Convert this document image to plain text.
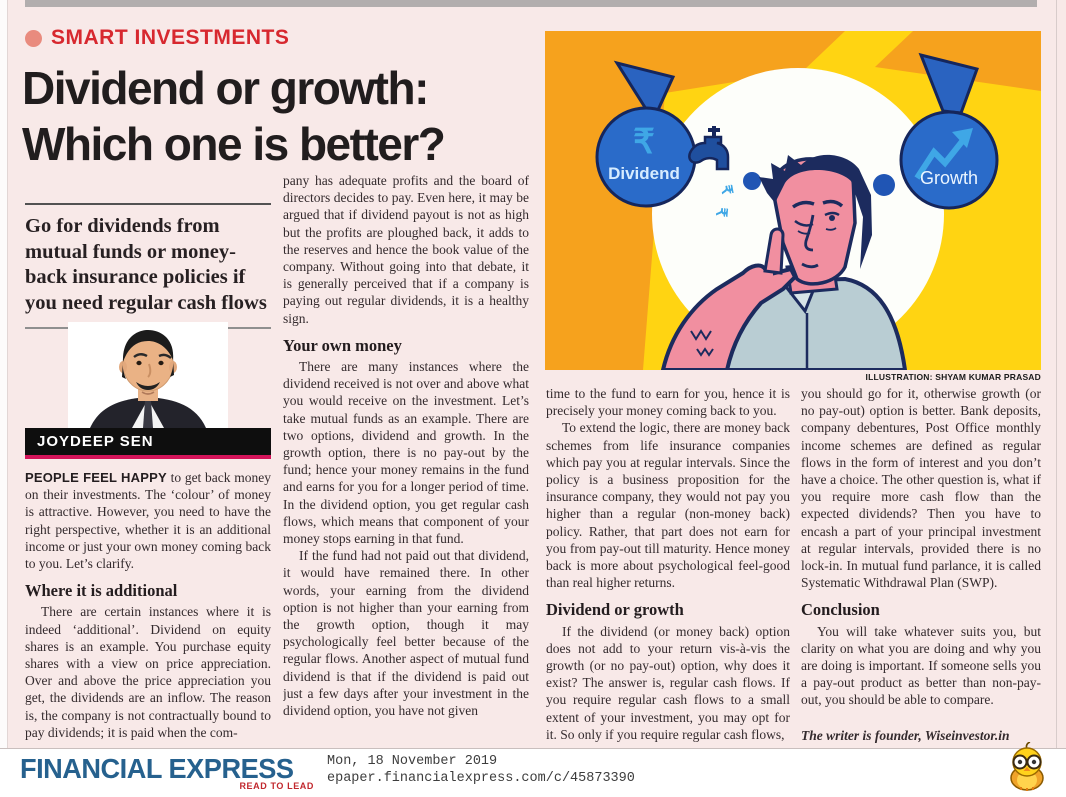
SMART INVESTMENTS
Dividend or growth: Which one is better?
Go for dividends from mutual funds or money-back insurance policies if you need regular cash flows
JOYDEEP SEN

PEOPLE FEEL HAPPY to get back money on their investments. The ‘colour’ of money is attractive. However, you need to have the right perspective, whether it is an additional income or just your own money coming back to you. Let’s clarify.

Where it is additional

There are certain instances where it is indeed ‘additional’. Dividend on equity shares is an example. You purchase equity shares with a view on price appreciation. Over and above the price appreciation you get, the dividends are an inflow. The reason is, the company is not contractually bound to pay dividends; it is paid when the com-

pany has adequate profits and the board of directors decides to pay. Even here, it may be argued that if dividend payout is not as high but the profits are ploughed back, it adds to the reserves and hence the book value of the company. Without going into that debate, it is generally perceived that if a company is paying out regular dividends, it is a healthy sign.

Your own money

There are many instances where the dividend received is not over and above what you would receive on the investment. Let’s take mutual funds as an example. There are two options, dividend and growth. In the growth option, there is no pay-out by the fund; hence your money remains in the fund and earns for you for a longer period of time. In the dividend option, you get regular cash flows, which means that component of your money stops earning in that fund.

If the fund had not paid out that dividend, it would have remained there. In other words, your earning from the dividend option is not higher than your earning from the growth option, though it may psychologically feel better because of the regular flows. Another aspect of mutual fund dividend is that if the dividend is paid out just a few days after your investment in the dividend option, you have not given

time to the fund to earn for you, hence it is precisely your money coming back to you.

To extend the logic, there are money back schemes from life insurance companies which pay you at regular intervals. Since the policy is a business proposition for the insurance company, they would not pay you higher than a regular (non-money back) policy. Rather, that part does not earn for you from pay-out till maturity. Hence money back is more about psychological feel-good than real higher returns.

Dividend or growth

If the dividend (or money back) option does not add to your return vis-à-vis the growth (or no pay-out) option, why does it exist? The answer is, regular cash flows. If you require regular cash flows to a small extent of your investment, you may opt for it. So only if you require regular cash flows,

you should go for it, otherwise growth (or no pay-out) option is better. Bank deposits, company debentures, Post Office monthly income schemes are defined as regular flows in the form of interest and you don’t have a choice. The other question is, what if you require more cash flow than the expected dividends? Then you have to encash a part of your principal investment at regular intervals, provided there is no lock-in. In mutual fund parlance, it is called Systematic Withdrawal Plan (SWP).

Conclusion

You will take whatever suits you, but clarity on what you are doing and why you are doing is important. If someone sells you a pay-out product as better than non-pay-out, you should be able to compare.

The writer is founder, Wiseinvestor.in

₹
Dividend
₹
₹
Growth
ILLUSTRATION: SHYAM KUMAR PRASAD
FINANCIAL EXPRESS
READ TO LEAD
Mon, 18 November 2019
epaper.financialexpress.com/c/45873390
